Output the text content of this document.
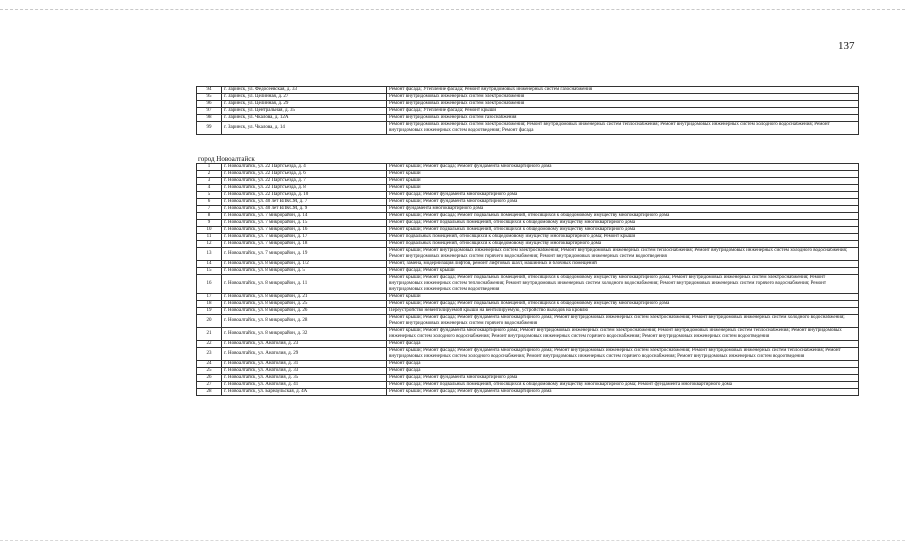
137
94	г. Заринск, ул. Федосеевская, д. 33	Ремонт фасада; Утепление фасада; Ремонт внутридомовых инженерных систем газоснабжения
95	г. Заринск, ул. Целинная, д. 27	Ремонт внутридомовых инженерных систем электроснабжения
96	г. Заринск, ул. Целинная, д. 29	Ремонт внутридомовых инженерных систем электроснабжения
97	г. Заринск, ул. Центральная, д. 35	Ремонт фасада; Утепление фасада; Ремонт крыши
98	г. Заринск, ул. Чкалова, д. 12А	Ремонт внутридомовых инженерных систем газоснабжения
99	г. Заринск, ул. Чкалова, д. 14	Ремонт внутридомовых инженерных систем электроснабжения; Ремонт внутридомовых инженерных систем теплоснабжения; Ремонт внутридомовых инженерных систем холодного водоснабжения; Ремонт внутридомовых инженерных систем водоотведения; Ремонт фасада
город Новоалтайск
1	г. Новоалтайск, ул. 22 Партсъезда, д. 4	Ремонт крыши; Ремонт фасада; Ремонт фундамента многоквартирного дома
2	г. Новоалтайск, ул. 22 Партсъезда, д. 6	Ремонт крыши
3	г. Новоалтайск, ул. 22 Партсъезда, д. 7	Ремонт крыши
4	г. Новоалтайск, ул. 22 Партсъезда, д. 8	Ремонт крыши
5	г. Новоалтайск, ул. 22 Партсъезда, д. 10	Ремонт фасада; Ремонт фундамента многоквартирного дома
6	г. Новоалтайск, ул. 40 лет ВЛКСМ, д. 7	Ремонт крыши; Ремонт фундамента многоквартирного дома
7	г. Новоалтайск, ул. 40 лет ВЛКСМ, д. 9	Ремонт фундамента многоквартирного дома
8	г. Новоалтайск, ул. 7 микрорайон, д. 14	Ремонт крыши; Ремонт фасада; Ремонт подвальных помещений, относящихся к общедомовому имуществу многоквартирного дома
9	г. Новоалтайск, ул. 7 микрорайон, д. 15	Ремонт фасада; Ремонт подвальных помещений, относящихся к общедомовому имуществу многоквартирного дома
10	г. Новоалтайск, ул. 7 микрорайон, д. 16	Ремонт крыши; Ремонт подвальных помещений, относящихся к общедомовому имуществу многоквартирного дома
11	г. Новоалтайск, ул. 7 микрорайон, д. 17	Ремонт подвальных помещений, относящихся к общедомовому имуществу многоквартирного дома; Ремонт крыши
12	г. Новоалтайск, ул. 7 микрорайон, д. 18	Ремонт подвальных помещений, относящихся к общедомовому имуществу многоквартирного дома
13	г. Новоалтайск, ул. 7 микрорайон, д. 19	Ремонт крыши; Ремонт внутридомовых инженерных систем электроснабжения; Ремонт внутридомовых инженерных систем теплоснабжения; Ремонт внутридомовых инженерных систем холодного водоснабжения; Ремонт внутридомовых инженерных систем горячего водоснабжения; Ремонт внутридомовых инженерных систем водоотведения
14	г. Новоалтайск, ул. 8 микрорайон, д. 1/2	Ремонт, замена, модернизация лифтов, ремонт лифтовых шахт, машинных и блочных помещений
15	г. Новоалтайск, ул. 8 микрорайон, д. 5	Ремонт фасада; Ремонт крыши
16	г. Новоалтайск, ул. 8 микрорайон, д. 11	Ремонт крыши; Ремонт фасада; Ремонт подвальных помещений, относящихся к общедомовому имуществу многоквартирного дома; Ремонт внутридомовых инженерных систем электроснабжения; Ремонт внутридомовых инженерных систем теплоснабжения; Ремонт внутридомовых инженерных систем холодного водоснабжения; Ремонт внутридомовых инженерных систем горячего водоснабжения; Ремонт внутридомовых инженерных систем водоотведения
17	г. Новоалтайск, ул. 8 микрорайон, д. 21	Ремонт крыши
18	г. Новоалтайск, ул. 8 микрорайон, д. 25	Ремонт крыши; Ремонт фасада; Ремонт подвальных помещений, относящихся к общедомовому имуществу многоквартирного дома
19	г. Новоалтайск, ул. 8 микрорайон, д. 26	Переустройство невентилируемой крыши на вентилируемую, устройство выходов на кровлю
20	г. Новоалтайск, ул. 8 микрорайон, д. 28	Ремонт крыши; Ремонт фасада; Ремонт фундамента многоквартирного дома; Ремонт внутридомовых инженерных систем электроснабжения; Ремонт внутридомовых инженерных систем холодного водоснабжения; Ремонт внутридомовых инженерных систем горячего водоснабжения
21	г. Новоалтайск, ул. 8 микрорайон, д. 32	Ремонт крыши; Ремонт фундамента многоквартирного дома; Ремонт внутридомовых инженерных систем электроснабжения; Ремонт внутридомовых инженерных систем теплоснабжения; Ремонт внутридомовых инженерных систем холодного водоснабжения; Ремонт внутридомовых инженерных систем горячего водоснабжения; Ремонт внутридомовых инженерных систем водоотведения
22	г. Новоалтайск, ул. Анатолия, д. 23	Ремонт фасада
23	г. Новоалтайск, ул. Анатолия, д. 29	Ремонт крыши; Ремонт фасада; Ремонт фундамента многоквартирного дома; Ремонт внутридомовых инженерных систем электроснабжения; Ремонт внутридомовых инженерных систем теплоснабжения; Ремонт внутридомовых инженерных систем холодного водоснабжения; Ремонт внутридомовых инженерных систем горячего водоснабжения; Ремонт внутридомовых инженерных систем водоотведения
24	г. Новоалтайск, ул. Анатолия, д. 31	Ремонт фасада
25	г. Новоалтайск, ул. Анатолия, д. 33	Ремонт фасада
26	г. Новоалтайск, ул. Анатолия, д. 35	Ремонт фасада; Ремонт фундамента многоквартирного дома
27	г. Новоалтайск, ул. Анатолия, д. 41	Ремонт фасада; Ремонт подвальных помещений, относящихся к общедомовому имуществу многоквартирного дома; Ремонт фундамента многоквартирного дома
28	г. Новоалтайск, ул. Барнаульская, д. 4А	Ремонт крыши; Ремонт фасада; Ремонт фундамента многоквартирного дома
